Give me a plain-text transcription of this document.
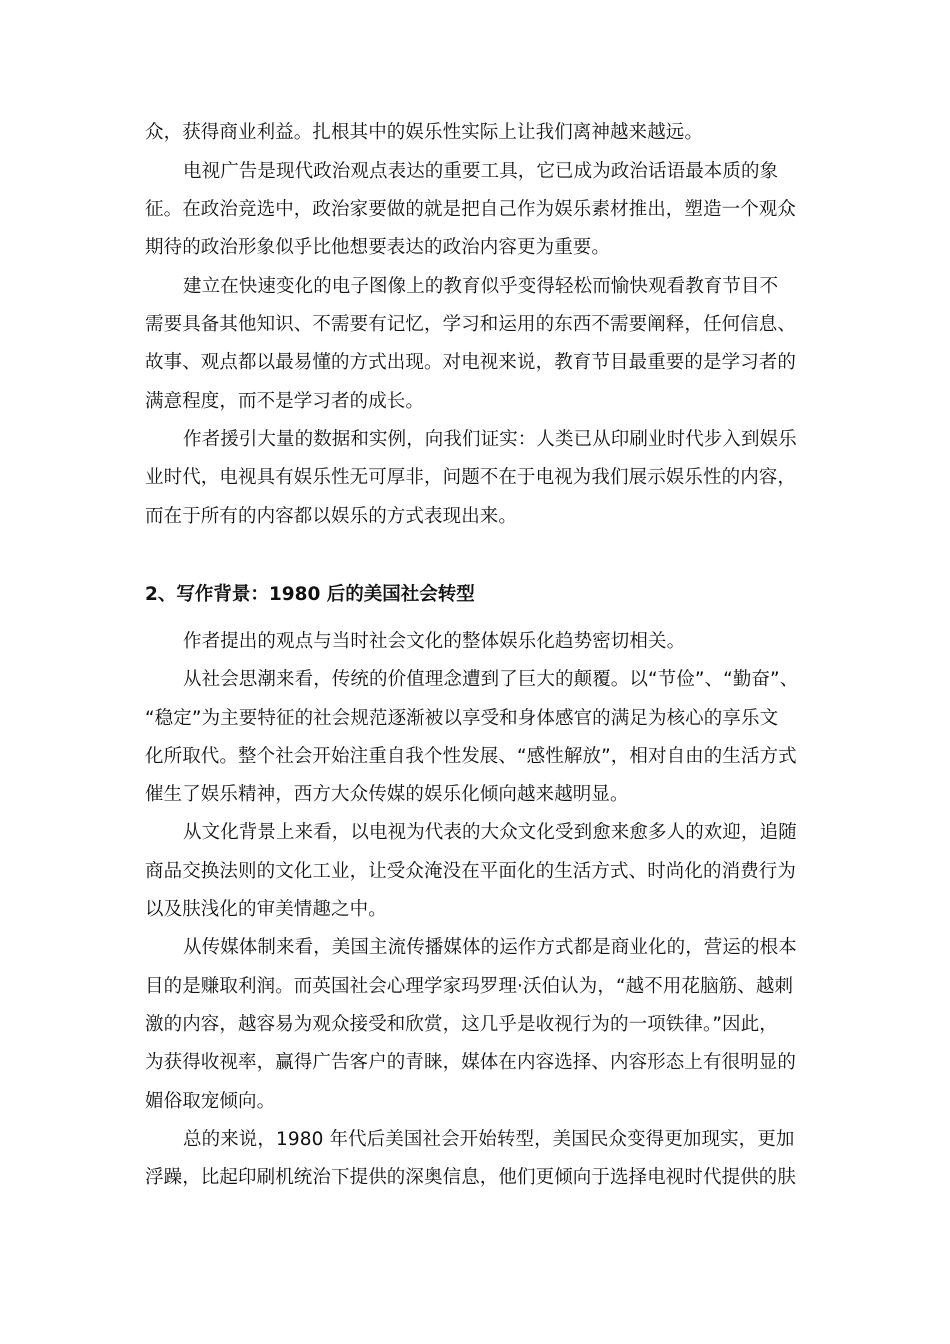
众，获得商业利益。扎根其中的娱乐性实际上让我们离神越来越远。
电视广告是现代政治观点表达的重要工具，它已成为政治话语最本质的象
征。在政治竞选中，政治家要做的就是把自己作为娱乐素材推出，塑造一个观众
期待的政治形象似乎比他想要表达的政治内容更为重要。
建立在快速变化的电子图像上的教育似乎变得轻松而愉快观看教育节目不
需要具备其他知识、不需要有记忆，学习和运用的东西不需要阐释，任何信息、
故事、观点都以最易懂的方式出现。对电视来说，教育节目最重要的是学习者的
满意程度，而不是学习者的成长。
作者援引大量的数据和实例，向我们证实：人类已从印刷业时代步入到娱乐
业时代，电视具有娱乐性无可厚非，问题不在于电视为我们展示娱乐性的内容，
而在于所有的内容都以娱乐的方式表现出来。
2、写作背景：1980 后的美国社会转型
作者提出的观点与当时社会文化的整体娱乐化趋势密切相关。
从社会思潮来看，传统的价值理念遭到了巨大的颠覆。以“节俭”、“勤奋”、
“稳定”为主要特征的社会规范逐渐被以享受和身体感官的满足为核心的享乐文
化所取代。整个社会开始注重自我个性发展、“感性解放”，相对自由的生活方式
催生了娱乐精神，西方大众传媒的娱乐化倾向越来越明显。
从文化背景上来看，以电视为代表的大众文化受到愈来愈多人的欢迎，追随
商品交换法则的文化工业，让受众淹没在平面化的生活方式、时尚化的消费行为
以及肤浅化的审美情趣之中。
从传媒体制来看，美国主流传播媒体的运作方式都是商业化的，营运的根本
目的是赚取利润。而英国社会心理学家玛罗理·沃伯认为，“越不用花脑筋、越刺
激的内容，越容易为观众接受和欣赏，这几乎是收视行为的一项铁律。”因此，
为获得收视率，赢得广告客户的青睐，媒体在内容选择、内容形态上有很明显的
媚俗取宠倾向。
总的来说，1980 年代后美国社会开始转型，美国民众变得更加现实，更加
浮躁，比起印刷机统治下提供的深奥信息，他们更倾向于选择电视时代提供的肤
